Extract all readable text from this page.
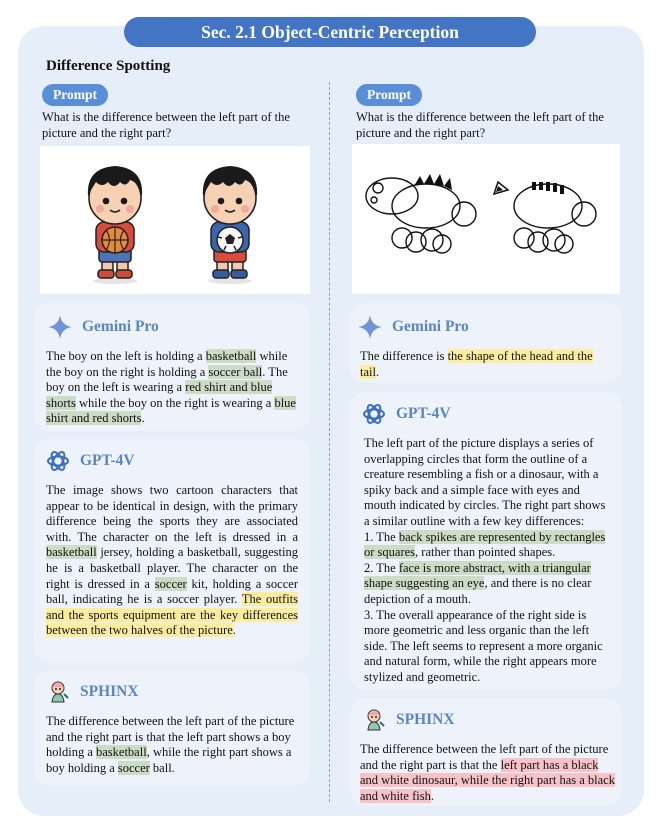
Sec. 2.1 Object-Centric Perception
Difference Spotting
Prompt
What is the difference between the left part of the picture and the right part?
Gemini Pro
The boy on the left is holding a basketball while the boy on the right is holding a soccer ball. The boy on the left is wearing a red shirt and blue shorts while the boy on the right is wearing a blue shirt and red shorts.
GPT-4V
The image shows two cartoon characters that appear to be identical in design, with the primary difference being the sports they are associated with. The character on the left is dressed in a basketball jersey, holding a basketball, suggesting he is a basketball player. The character on the right is dressed in a soccer kit, holding a soccer ball, indicating he is a soccer player. The outfits and the sports equipment are the key differences between the two halves of the picture.
SPHINX
The difference between the left part of the picture and the right part is that the left part shows a boy holding a basketball, while the right part shows a boy holding a soccer ball.
Prompt
What is the difference between the left part of the picture and the right part?
Gemini Pro
The difference is the shape of the head and the tail.
GPT-4V
The left part of the picture displays a series of overlapping circles that form the outline of a creature resembling a fish or a dinosaur, with a spiky back and a simple face with eyes and mouth indicated by circles. The right part shows a similar outline with a few key differences:
1. The back spikes are represented by rectangles or squares, rather than pointed shapes.
2. The face is more abstract, with a triangular shape suggesting an eye, and there is no clear depiction of a mouth.
3. The overall appearance of the right side is more geometric and less organic than the left side. The left seems to represent a more organic and natural form, while the right appears more stylized and geometric.
SPHINX
The difference between the left part of the picture and the right part is that the left part has a black and white dinosaur, while the right part has a black and white fish.
